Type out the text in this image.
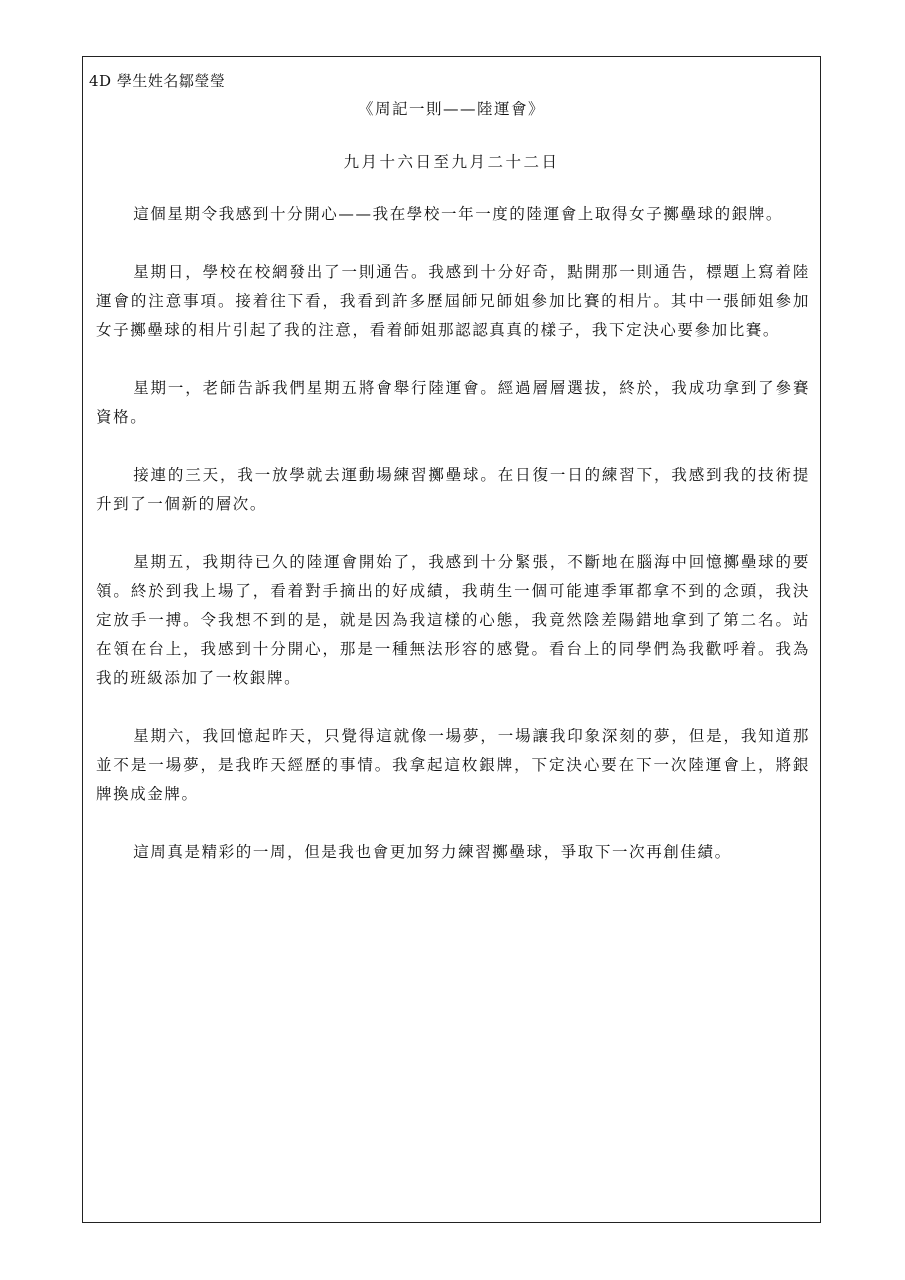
4D 學生姓名鄒瑩瑩
《周記一則——陸運會》
九月十六日至九月二十二日

這個星期令我感到十分開心——我在學校一年一度的陸運會上取得女子擲壘球的銀牌。

星期日，學校在校網發出了一則通告。我感到十分好奇，點開那一則通告，標題上寫着陸運會的注意事項。接着往下看，我看到許多歷屆師兄師姐參加比賽的相片。其中一張師姐參加女子擲壘球的相片引起了我的注意，看着師姐那認認真真的樣子，我下定決心要參加比賽。

星期一，老師告訴我們星期五將會舉行陸運會。經過層層選拔，終於，我成功拿到了參賽資格。

接連的三天，我一放學就去運動場練習擲壘球。在日復一日的練習下，我感到我的技術提升到了一個新的層次。

星期五，我期待已久的陸運會開始了，我感到十分緊張，不斷地在腦海中回憶擲壘球的要領。終於到我上場了，看着對手摘出的好成績，我萌生一個可能連季軍都拿不到的念頭，我決定放手一搏。令我想不到的是，就是因為我這樣的心態，我竟然陰差陽錯地拿到了第二名。站在領在台上，我感到十分開心，那是一種無法形容的感覺。看台上的同學們為我歡呼着。我為我的班級添加了一枚銀牌。

星期六，我回憶起昨天，只覺得這就像一場夢，一場讓我印象深刻的夢，但是，我知道那並不是一場夢，是我昨天經歷的事情。我拿起這枚銀牌，下定決心要在下一次陸運會上，將銀牌換成金牌。

這周真是精彩的一周，但是我也會更加努力練習擲壘球，爭取下一次再創佳績。
